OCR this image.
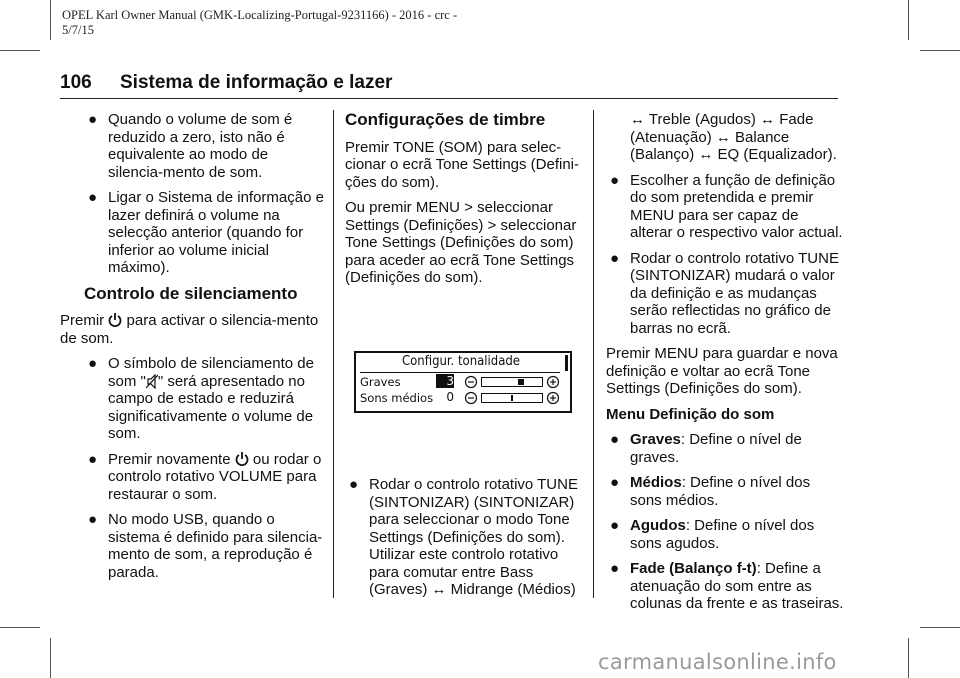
OPEL Karl Owner Manual (GMK-Localizing-Portugal-9231166) - 2016 - crc -
5/7/15
106 Sistema de informação e lazer
● Quando o volume de som é reduzido a zero, isto não é equivalente ao modo de silencia-mento de som.
● Ligar o Sistema de informação e lazer definirá o volume na selecção anterior (quando for inferior ao volume inicial máximo).
Controlo de silenciamento
Premir para activar o silencia-mento de som.
● O símbolo de silenciamento de som " " será apresentado no campo de estado e reduzirá significativamente o volume de som.
● Premir novamente ou rodar o controlo rotativo VOLUME para restaurar o som.
● No modo USB, quando o sistema é definido para silencia-mento de som, a reprodução é parada.
Configurações de timbre
Premir TONE (SOM) para selec-cionar o ecrã Tone Settings (Defini-ções do som).
Ou premir MENU > seleccionar Settings (Definições) > seleccionar Tone Settings (Definições do som) para aceder ao ecrã Tone Settings (Definições do som).
Configur. tonalidade
Graves	3
Sons médios	0
● Rodar o controlo rotativo TUNE (SINTONIZAR) (SINTONIZAR) para seleccionar o modo Tone Settings (Definições do som). Utilizar este controlo rotativo para comutar entre Bass (Graves) ↔ Midrange (Médios)
↔ Treble (Agudos) ↔ Fade (Atenuação) ↔ Balance (Balanço) ↔ EQ (Equalizador).
● Escolher a função de definição do som pretendida e premir MENU para ser capaz de alterar o respectivo valor actual.
● Rodar o controlo rotativo TUNE (SINTONIZAR) mudará o valor da definição e as mudanças serão reflectidas no gráfico de barras no ecrã.
Premir MENU para guardar e nova definição e voltar ao ecrã Tone Settings (Definições do som).
Menu Definição do som
● Graves: Define o nível de graves.
● Médios: Define o nível dos sons médios.
● Agudos: Define o nível dos sons agudos.
● Fade (Balanço f-t): Define a atenuação do som entre as colunas da frente e as traseiras.
carmanualsonline.info
